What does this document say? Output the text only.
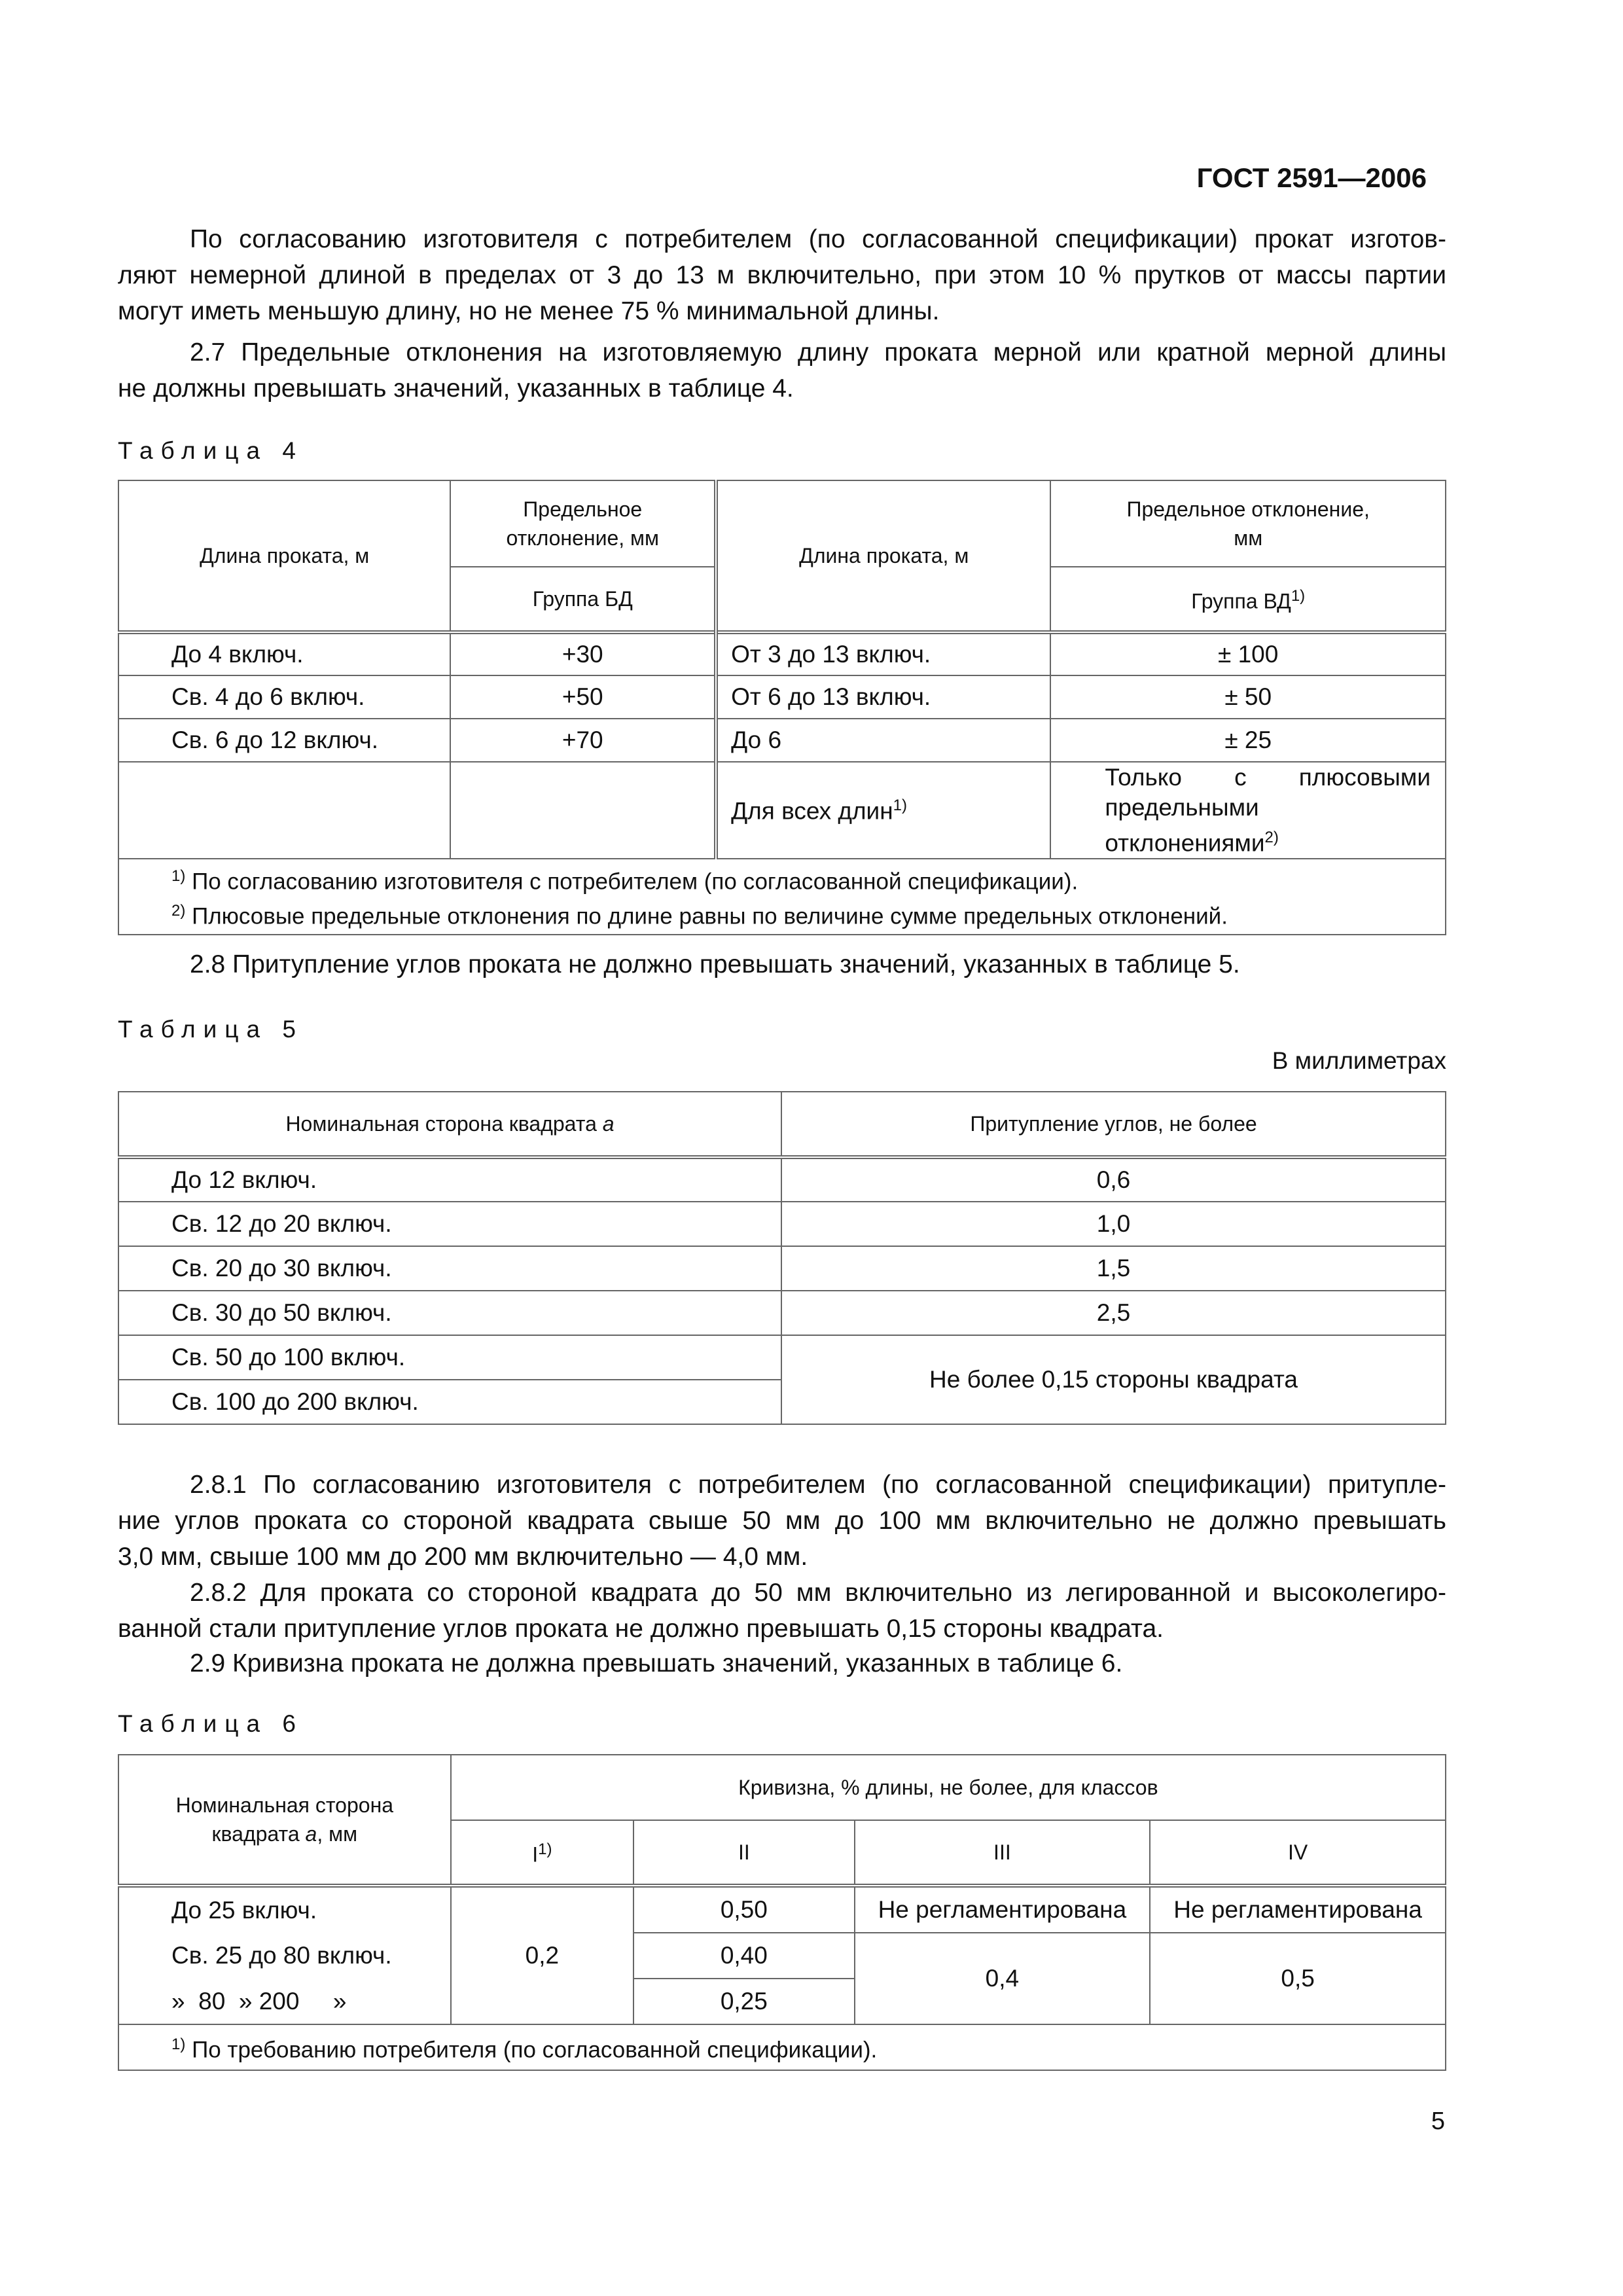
ГОСТ 2591—2006
По согласованию изготовителя с потребителем (по согласованной спецификации) прокат изготов-
ляют немерной длиной в пределах от 3 до 13 м включительно, при этом 10 % прутков от массы партии
могут иметь меньшую длину, но не менее 75 % минимальной длины.
2.7 Предельные отклонения на изготовляемую длину проката мерной или кратной мерной длины
не должны превышать значений, указанных в таблице 4.
Таблица 4
Длина проката, м	Предельное отклонение, мм	Длина проката, м	Предельное отклонение, мм
	Группа БД		Группа ВД$^{1)}$
До 4 включ.	+30	От 3 до 13 включ.	± 100
Св. 4 до 6 включ.	+50	От 6 до 13 включ.	± 50
Св. 6 до 12 включ.	+70	До 6	± 25
		Для всех длин$^{1)}$	Только с плюсовыми предельными отклонениями$^{2)}$

$^{1)}$ По согласованию изготовителя с потребителем (по согласованной спецификации).
$^{2)}$ Плюсовые предельные отклонения по длине равны по величине сумме предельных отклонений.			
2.8 Притупление углов проката не должно превышать значений, указанных в таблице 5.
Таблица 5
В миллиметрах
Номинальная сторона квадрата a	Притупление углов, не более
До 12 включ.	0,6
Св. 12 до 20 включ.	1,0
Св. 20 до 30 включ.	1,5
Св. 30 до 50 включ.	2,5
Св. 50 до 100 включ.	Не более 0,15 стороны квадрата
Св. 100 до 200 включ.	
2.8.1 По согласованию изготовителя с потребителем (по согласованной спецификации) притупле-
ние углов проката со стороной квадрата свыше 50 мм до 100 мм включительно не должно превышать
3,0 мм, свыше 100 мм до 200 мм включительно — 4,0 мм.
2.8.2 Для проката со стороной квадрата до 50 мм включительно из легированной и высоколегиро-
ванной стали притупление углов проката не должно превышать 0,15 стороны квадрата.
2.9 Кривизна проката не должна превышать значений, указанных в таблице 6.
Таблица 6
Номинальная сторона
квадрата a, мм	Кривизна, % длины, не более, для классов			
	$I^{1)}$	II	III	IV
До 25 включ.	0,2	0,50	Не регламентирована	Не регламентирована
Св. 25 до 80 включ.		0,40	0,4	0,5
»  80  » 200     »		0,25		

$^{1)}$ По требованию потребителя (по согласованной спецификации).				
5
